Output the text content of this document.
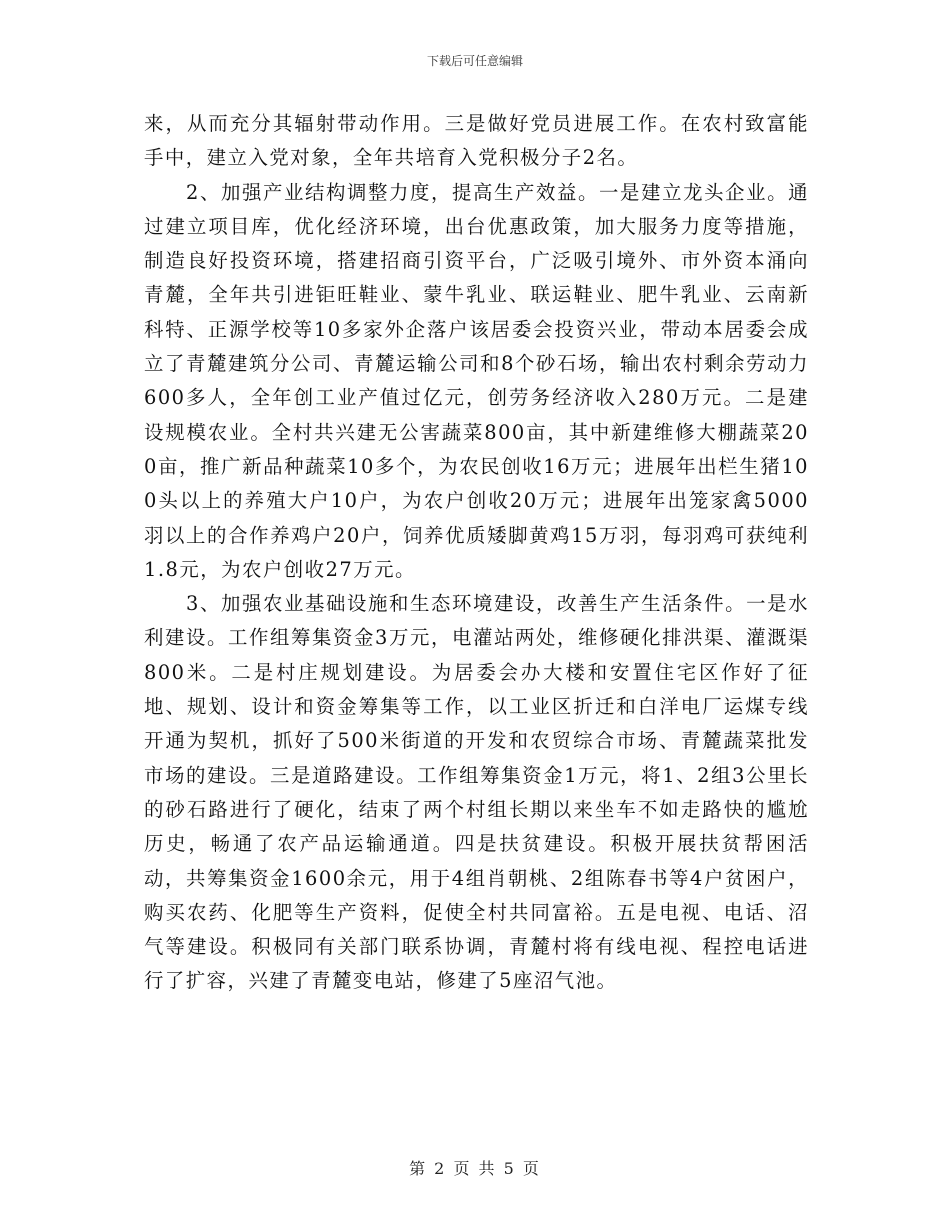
下载后可任意编辑

来，从而充分其辐射带动作用。三是做好党员进展工作。在农村致富能手中，建立入党对象，全年共培育入党积极分子2名。

2、加强产业结构调整力度，提高生产效益。一是建立龙头企业。通过建立项目库，优化经济环境，出台优惠政策，加大服务力度等措施，制造良好投资环境，搭建招商引资平台，广泛吸引境外、市外资本涌向青麓，全年共引进钜旺鞋业、蒙牛乳业、联运鞋业、肥牛乳业、云南新科特、正源学校等10多家外企落户该居委会投资兴业，带动本居委会成立了青麓建筑分公司、青麓运输公司和8个砂石场，输出农村剩余劳动力600多人，全年创工业产值过亿元，创劳务经济收入280万元。二是建设规模农业。全村共兴建无公害蔬菜800亩，其中新建维修大棚蔬菜200亩，推广新品种蔬菜10多个，为农民创收16万元；进展年出栏生猪100头以上的养殖大户10户，为农户创收20万元；进展年出笼家禽5000羽以上的合作养鸡户20户，饲养优质矮脚黄鸡15万羽，每羽鸡可获纯利1.8元，为农户创收27万元。

3、加强农业基础设施和生态环境建设，改善生产生活条件。一是水利建设。工作组筹集资金3万元，电灌站两处，维修硬化排洪渠、灌溉渠800米。二是村庄规划建设。为居委会办大楼和安置住宅区作好了征地、规划、设计和资金筹集等工作，以工业区折迁和白洋电厂运煤专线开通为契机，抓好了500米街道的开发和农贸综合市场、青麓蔬菜批发市场的建设。三是道路建设。工作组筹集资金1万元，将1、2组3公里长的砂石路进行了硬化，结束了两个村组长期以来坐车不如走路快的尴尬历史，畅通了农产品运输通道。四是扶贫建设。积极开展扶贫帮困活动，共筹集资金1600余元，用于4组肖朝桃、2组陈春书等4户贫困户，购买农药、化肥等生产资料，促使全村共同富裕。五是电视、电话、沼气等建设。积极同有关部门联系协调，青麓村将有线电视、程控电话进行了扩容，兴建了青麓变电站，修建了5座沼气池。

第 2 页 共 5 页
